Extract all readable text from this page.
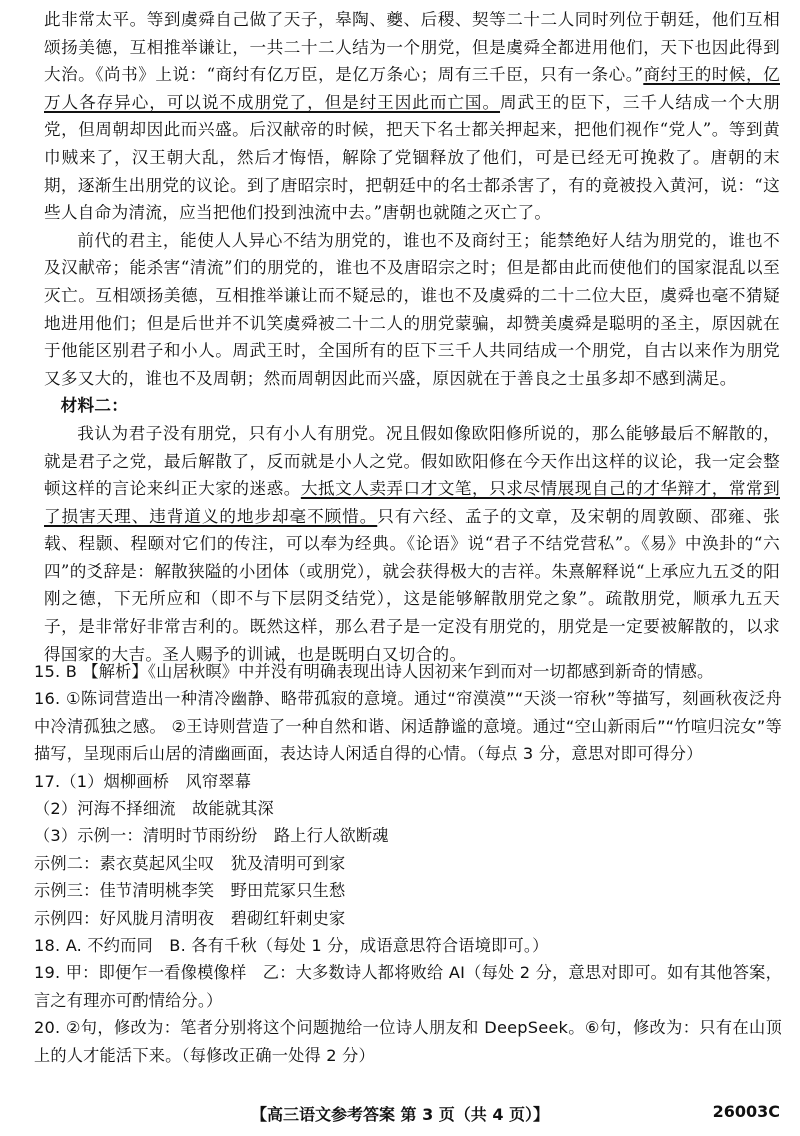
此非常太平。等到虞舜自己做了天子，皋陶、夔、后稷、契等二十二人同时列位于朝廷，他们互相颂扬美德，互相推举谦让，一共二十二人结为一个朋党，但是虞舜全都进用他们，天下也因此得到大治。《尚书》上说：“商纣有亿万臣，是亿万条心；周有三千臣，只有一条心。”商纣王的时候，亿万人各存异心，可以说不成朋党了，但是纣王因此而亡国。周武王的臣下，三千人结成一个大朋党，但周朝却因此而兴盛。后汉献帝的时候，把天下名士都关押起来，把他们视作“党人”。等到黄巾贼来了，汉王朝大乱，然后才悔悟，解除了党锢释放了他们，可是已经无可挽救了。唐朝的末期，逐渐生出朋党的议论。到了唐昭宗时，把朝廷中的名士都杀害了，有的竟被投入黄河，说：“这些人自命为清流，应当把他们投到浊流中去。”唐朝也就随之灭亡了。

前代的君主，能使人人异心不结为朋党的，谁也不及商纣王；能禁绝好人结为朋党的，谁也不及汉献帝；能杀害“清流”们的朋党的，谁也不及唐昭宗之时；但是都由此而使他们的国家混乱以至灭亡。互相颂扬美德，互相推举谦让而不疑忌的，谁也不及虞舜的二十二位大臣，虞舜也毫不猜疑地进用他们；但是后世并不讥笑虞舜被二十二人的朋党蒙骗，却赞美虞舜是聪明的圣主，原因就在于他能区别君子和小人。周武王时，全国所有的臣下三千人共同结成一个朋党，自古以来作为朋党又多又大的，谁也不及周朝；然而周朝因此而兴盛，原因就在于善良之士虽多却不感到满足。

材料二：

我认为君子没有朋党，只有小人有朋党。况且假如像欧阳修所说的，那么能够最后不解散的，就是君子之党，最后解散了，反而就是小人之党。假如欧阳修在今天作出这样的议论，我一定会整顿这样的言论来纠正大家的迷惑。大抵文人卖弄口才文笔，只求尽情展现自己的才华辩才，常常到了损害天理、违背道义的地步却毫不顾惜。只有六经、孟子的文章，及宋朝的周敦颐、邵雍、张载、程颢、程颐对它们的传注，可以奉为经典。《论语》说“君子不结党营私”。《易》中涣卦的“六四”的爻辞是：解散狭隘的小团体（或朋党），就会获得极大的吉祥。朱熹解释说“上承应九五爻的阳刚之德，下无所应和（即不与下层阴爻结党），这是能够解散朋党之象”。疏散朋党，顺承九五天子，是非常好非常吉利的。既然这样，那么君子是一定没有朋党的，朋党是一定要被解散的，以求得国家的大吉。圣人赐予的训诫，也是既明白又切合的。

15. B 【解析】《山居秋暝》中并没有明确表现出诗人因初来乍到而对一切都感到新奇的情感。

16. ①陈词营造出一种清冷幽静、略带孤寂的意境。通过“帘漠漠”“天淡一帘秋”等描写，刻画秋夜泛舟中冷清孤独之感。 ②王诗则营造了一种自然和谐、闲适静谧的意境。通过“空山新雨后”“竹喧归浣女”等描写，呈现雨后山居的清幽画面，表达诗人闲适自得的心情。（每点 3 分，意思对即可得分）

17.（1）烟柳画桥　风帘翠幕

（2）河海不择细流　故能就其深

（3）示例一：清明时节雨纷纷　路上行人欲断魂

示例二：素衣莫起风尘叹　犹及清明可到家

示例三：佳节清明桃李笑　野田荒冢只生愁

示例四：好风胧月清明夜　碧砌红轩刺史家

18. A. 不约而同　B. 各有千秋（每处 1 分，成语意思符合语境即可。）

19. 甲：即便乍一看像模像样　乙：大多数诗人都将败给 AI（每处 2 分，意思对即可。如有其他答案，言之有理亦可酌情给分。）

20. ②句，修改为：笔者分别将这个问题抛给一位诗人朋友和 DeepSeek。⑥句，修改为：只有在山顶上的人才能活下来。（每修改正确一处得 2 分）

【高三语文参考答案 第 3 页（共 4 页）】	26003C
